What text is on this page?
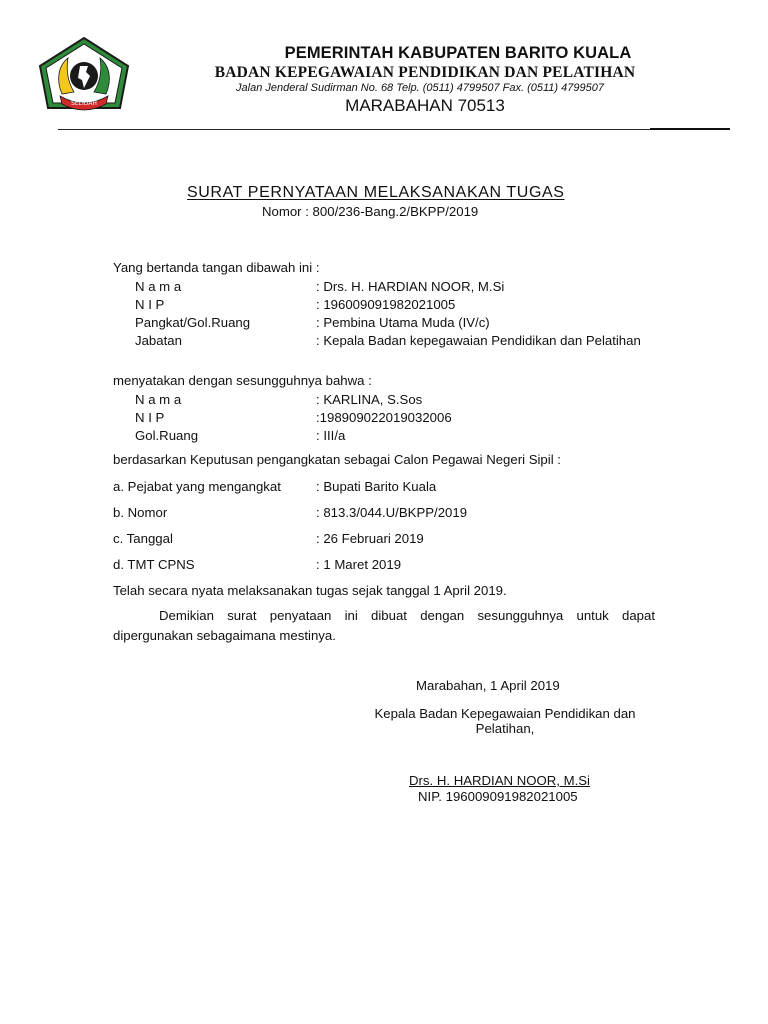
SELIDAH
PEMERINTAH KABUPATEN BARITO KUALA
BADAN KEPEGAWAIAN PENDIDIKAN DAN PELATIHAN
Jalan Jenderal Sudirman No. 68 Telp. (0511) 4799507 Fax. (0511) 4799507
MARABAHAN 70513
SURAT PERNYATAAN MELAKSANAKAN TUGAS
Nomor : 800/236-Bang.2/BKPP/2019
Yang bertanda tangan dibawah ini :
N a m a	: Drs. H. HARDIAN NOOR, M.Si
N I P	: 196009091982021005
Pangkat/Gol.Ruang	: Pembina Utama Muda (IV/c)
Jabatan	: Kepala Badan kepegawaian Pendidikan dan Pelatihan
menyatakan dengan sesungguhnya bahwa :
N a m a	: KARLINA, S.Sos
N I P	:198909022019032006
Gol.Ruang	: III/a
berdasarkan Keputusan pengangkatan sebagai Calon Pegawai Negeri Sipil :
a. Pejabat yang mengangkat	: Bupati Barito Kuala
b. Nomor	: 813.3/044.U/BKPP/2019
c. Tanggal	: 26 Februari 2019
d. TMT CPNS	: 1 Maret 2019
Telah secara nyata melaksanakan tugas sejak tanggal 1 April 2019.
Demikian surat penyataan ini dibuat dengan sesungguhnya untuk dapat dipergunakan sebagaimana mestinya.
Marabahan, 1 April 2019
Kepala Badan Kepegawaian Pendidikan dan
Pelatihan,
Drs. H. HARDIAN NOOR, M.Si
NIP. 196009091982021005
